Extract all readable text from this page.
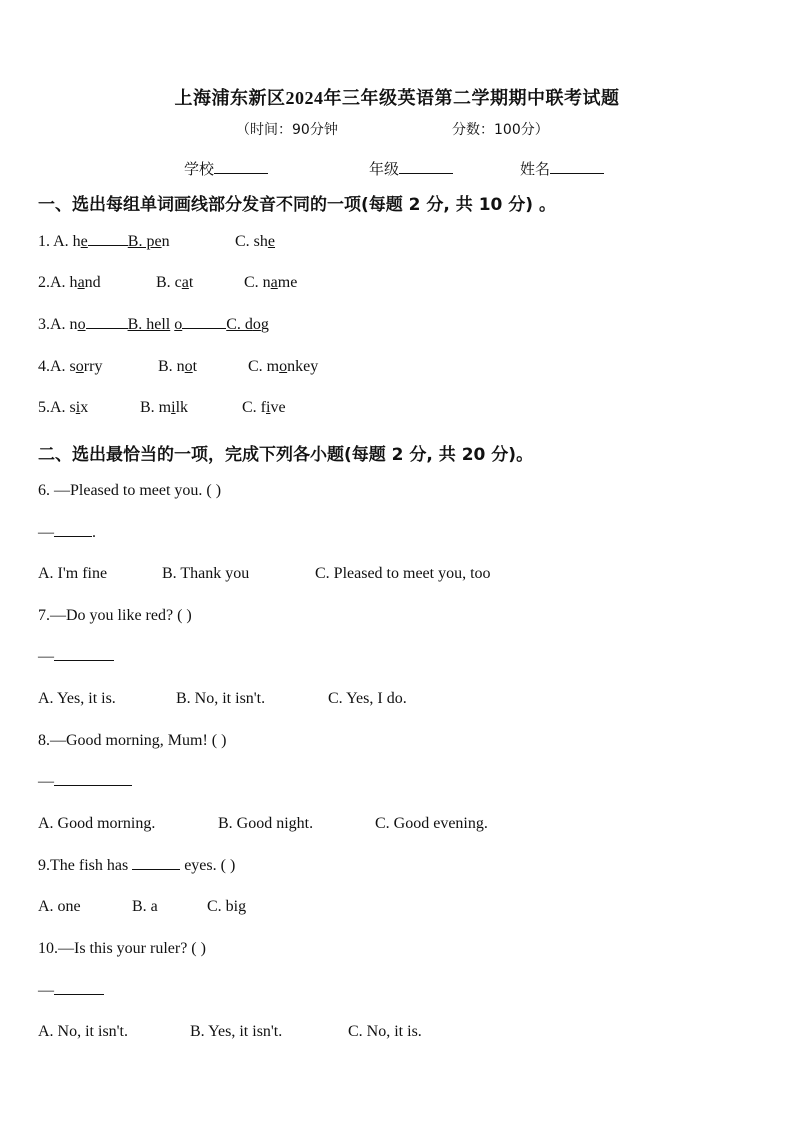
上海浦东新区2024年三年级英语第二学期期中联考试题
（时间：90分钟	分数：100分）
学校	年级	姓名
一、选出每组单词画线部分发音不同的一项(每题 2 分, 共 10 分) 。
1. A. he	B. pen	C. she
2.A. hand	B. cat	C. name
3.A. no	B. hell o	C. dog
4.A. sorry	B. not	C. monkey
5.A. six	B. milk	C. five
二、选出最恰当的一项，完成下列各小题(每题 2 分, 共 20 分)。
6. —Pleased to meet you. ( )
— .
A. I'm fine	B. Thank you	C. Pleased to meet you, too
7.—Do you like red? ( )
—
A. Yes, it is.	B. No, it isn't.	C. Yes, I do.
8.—Good morning, Mum! ( )
—
A. Good morning.	B. Good night.	C. Good evening.
9.The fish has	eyes. ( )
A. one	B. a	C. big
10.—Is this your ruler? ( )
—
A. No, it isn't.	B. Yes, it isn't.	C. No, it is.
